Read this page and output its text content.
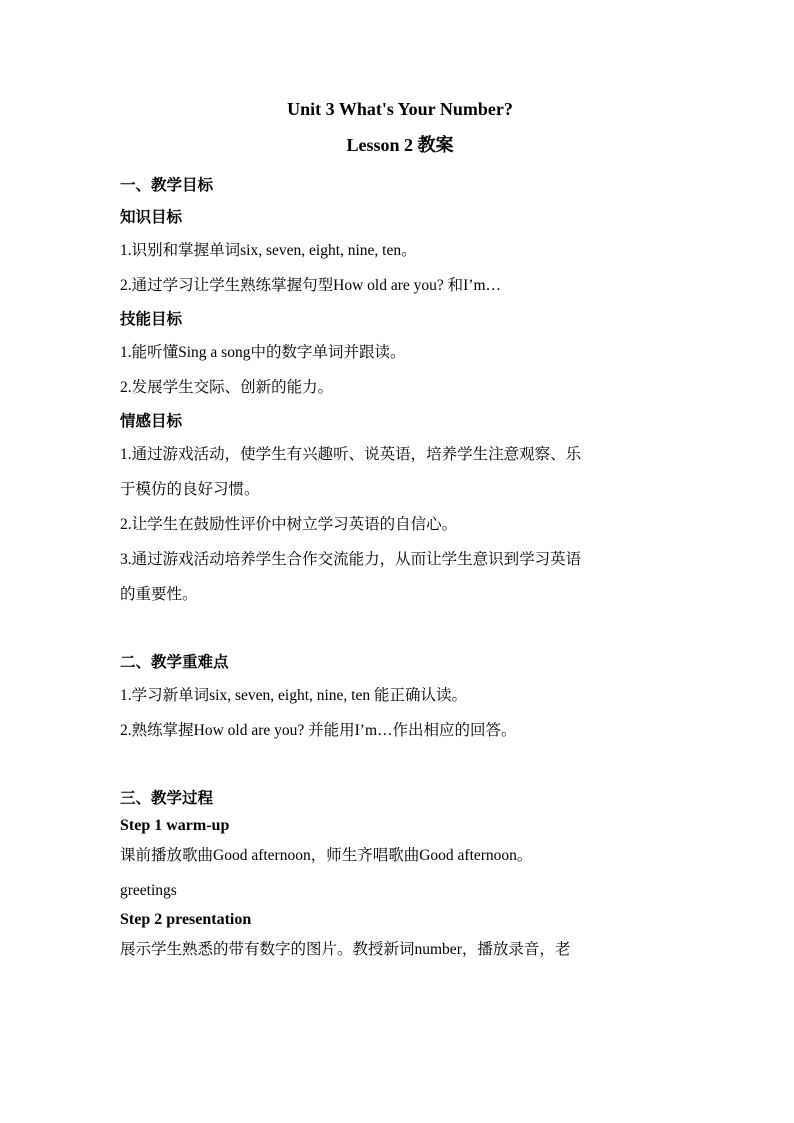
Unit 3 What's Your Number?

Lesson 2 教案

一、教学目标

知识目标

1.识别和掌握单词six, seven, eight, nine, ten。

2.通过学习让学生熟练掌握句型How old are you? 和I’m…

技能目标

1.能听懂Sing a song中的数字单词并跟读。

2.发展学生交际、创新的能力。

情感目标

1.通过游戏活动，使学生有兴趣听、说英语，培养学生注意观察、乐

于模仿的良好习惯。

2.让学生在鼓励性评价中树立学习英语的自信心。

3.通过游戏活动培养学生合作交流能力，从而让学生意识到学习英语

的重要性。

二、教学重难点

1.学习新单词six, seven, eight, nine, ten 能正确认读。

2.熟练掌握How old are you? 并能用I’m…作出相应的回答。

三、教学过程

Step 1 warm-up

课前播放歌曲Good afternoon，师生齐唱歌曲Good afternoon。

greetings

Step 2 presentation

展示学生熟悉的带有数字的图片。教授新词number，播放录音，老
